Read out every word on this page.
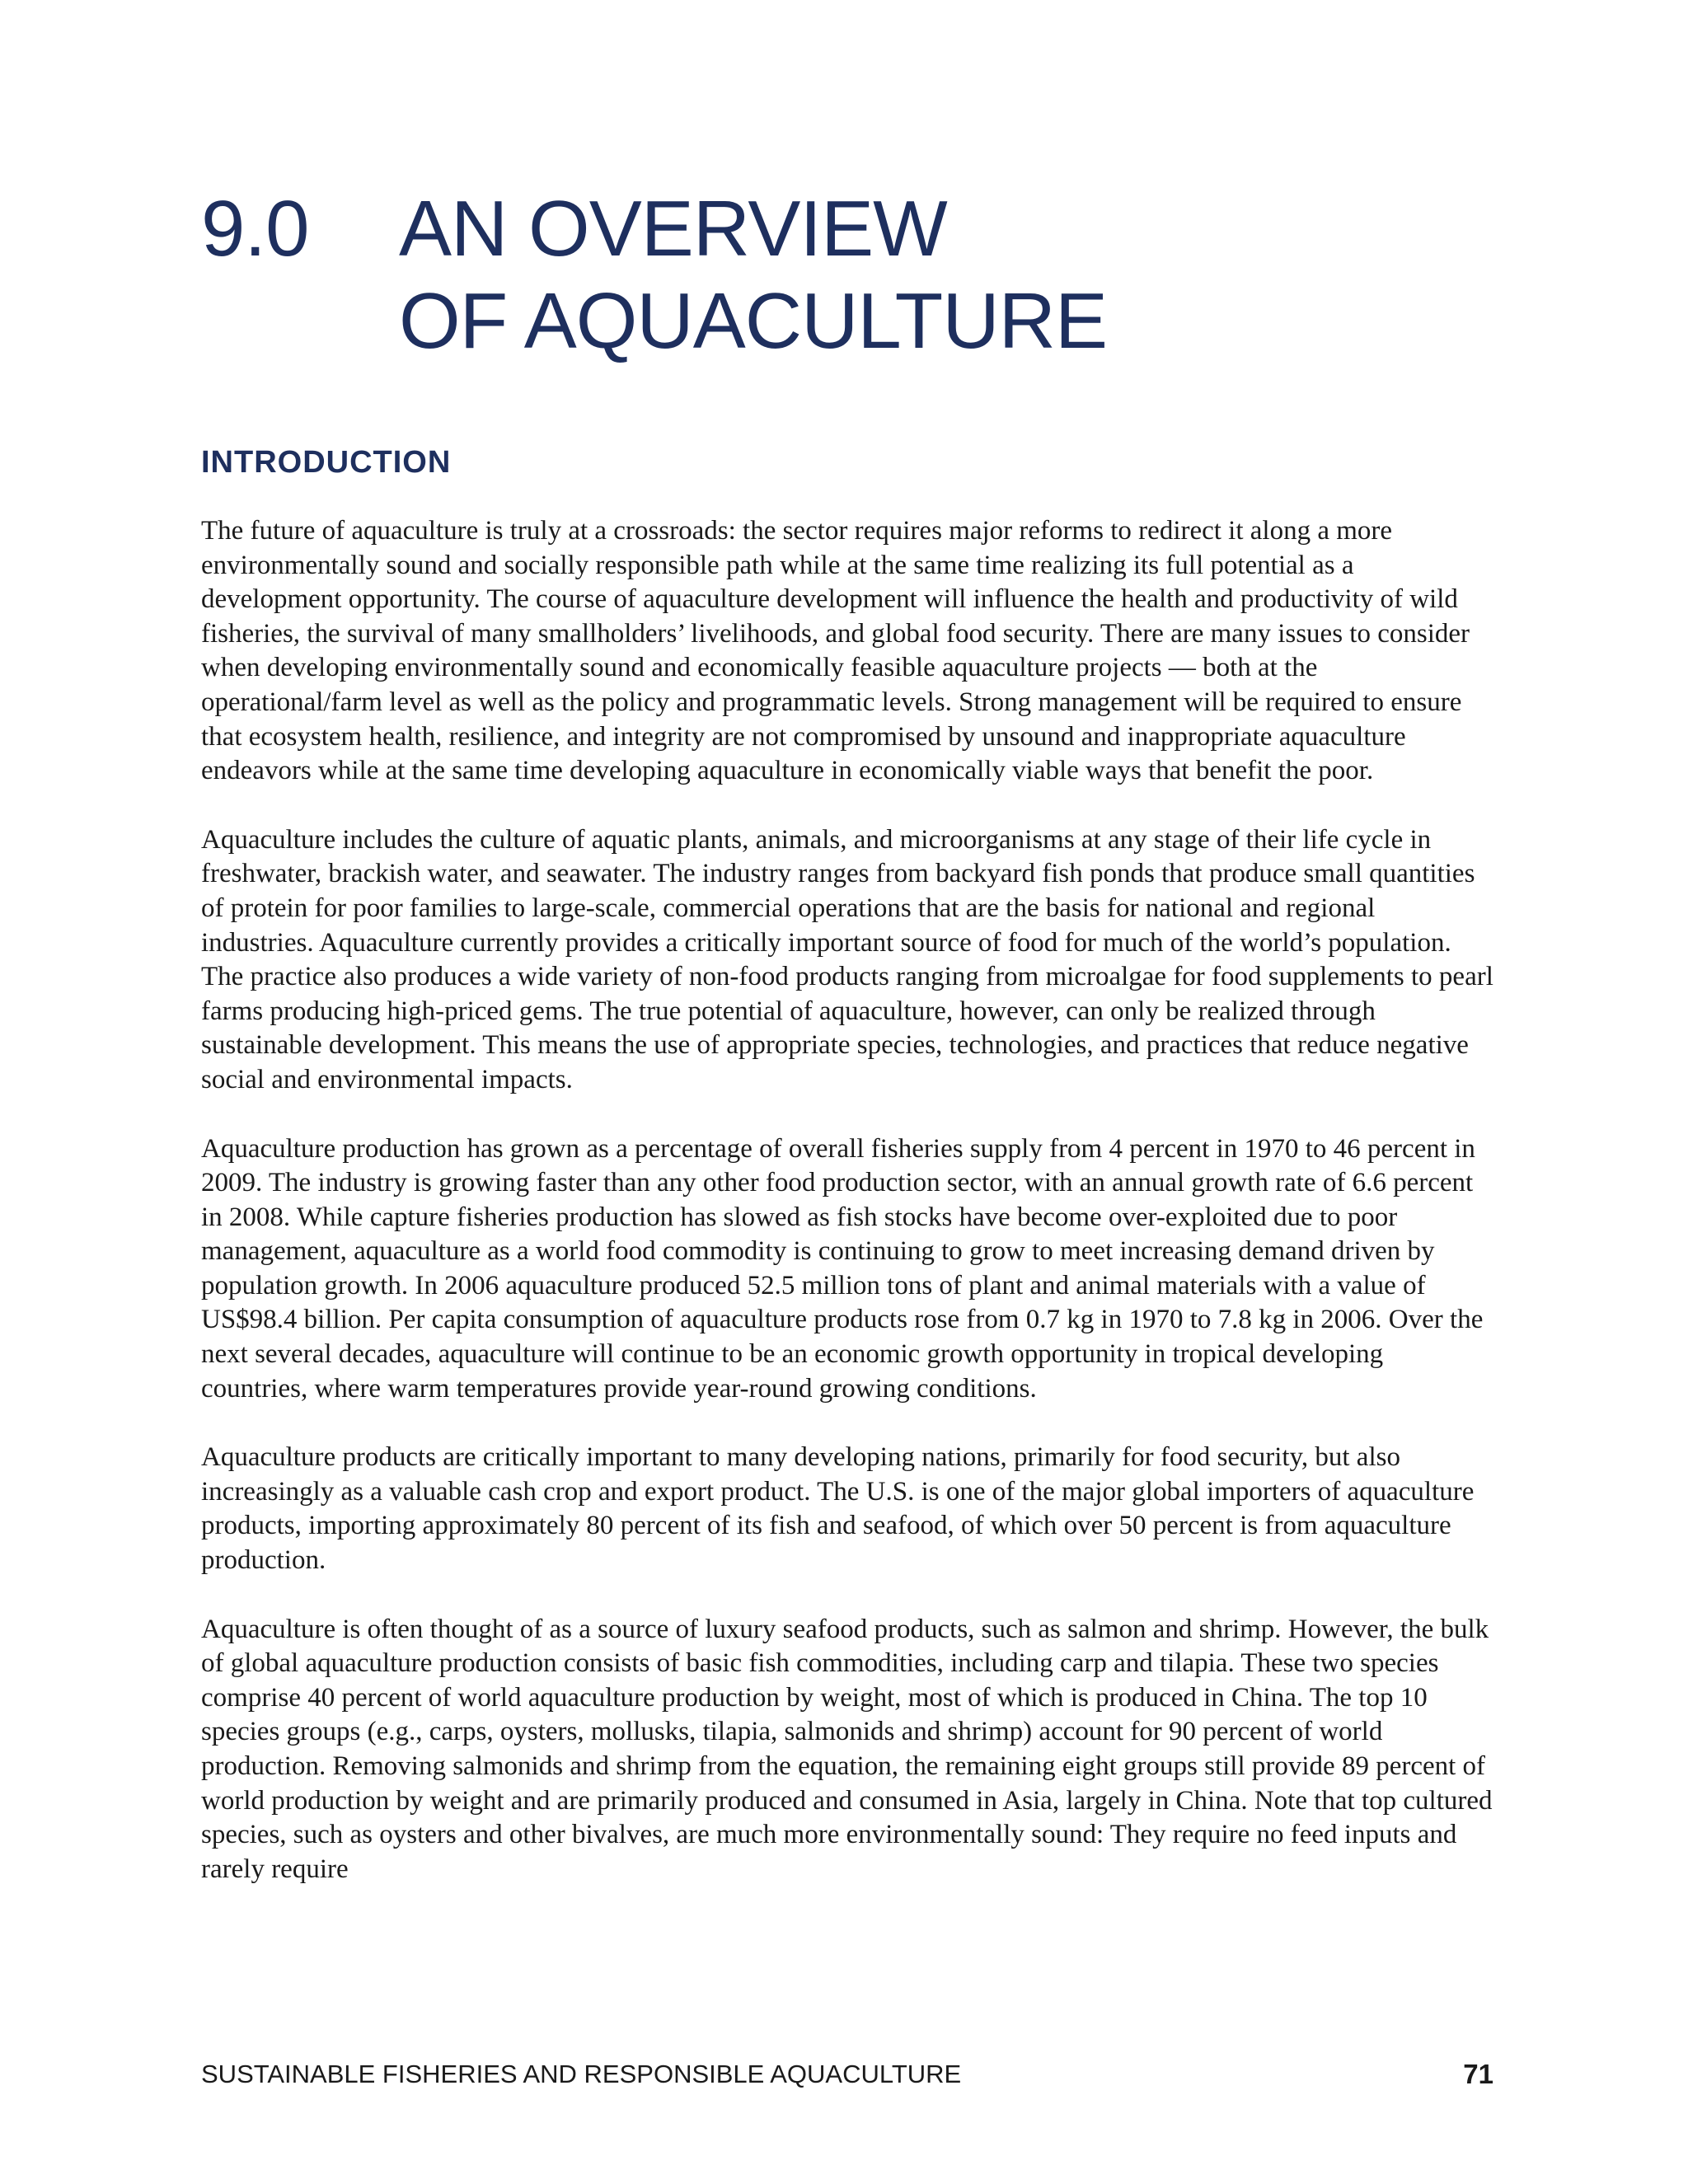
9.0 AN OVERVIEW
OF AQUACULTURE
INTRODUCTION

The future of aquaculture is truly at a crossroads: the sector requires major reforms to redirect it along a more environmentally sound and socially responsible path while at the same time realizing its full potential as a development opportunity. The course of aquaculture development will influence the health and productivity of wild fisheries, the survival of many smallholders’ livelihoods, and global food security. There are many issues to consider when developing environmentally sound and economically feasible aquaculture projects — both at the operational/farm level as well as the policy and programmatic levels. Strong management will be required to ensure that ecosystem health, resilience, and integrity are not compromised by unsound and inappropriate aquaculture endeavors while at the same time developing aquaculture in economically viable ways that benefit the poor.

Aquaculture includes the culture of aquatic plants, animals, and microorganisms at any stage of their life cycle in freshwater, brackish water, and seawater. The industry ranges from backyard fish ponds that produce small quantities of protein for poor families to large-scale, commercial operations that are the basis for national and regional industries. Aquaculture currently provides a critically important source of food for much of the world’s population. The practice also produces a wide variety of non-food products ranging from microalgae for food supplements to pearl farms producing high-priced gems. The true potential of aquaculture, however, can only be realized through sustainable development. This means the use of appropriate species, technologies, and practices that reduce negative social and environmental impacts.

Aquaculture production has grown as a percentage of overall fisheries supply from 4 percent in 1970 to 46 percent in 2009. The industry is growing faster than any other food production sector, with an annual growth rate of 6.6 percent in 2008. While capture fisheries production has slowed as fish stocks have become over-exploited due to poor management, aquaculture as a world food commodity is continuing to grow to meet increasing demand driven by population growth. In 2006 aquaculture produced 52.5 million tons of plant and animal materials with a value of US$98.4 billion. Per capita consumption of aquaculture products rose from 0.7 kg in 1970 to 7.8 kg in 2006. Over the next several decades, aquaculture will continue to be an economic growth opportunity in tropical developing countries, where warm temperatures provide year-round growing conditions.

Aquaculture products are critically important to many developing nations, primarily for food security, but also increasingly as a valuable cash crop and export product. The U.S. is one of the major global importers of aquaculture products, importing approximately 80 percent of its fish and seafood, of which over 50 percent is from aquaculture production.

Aquaculture is often thought of as a source of luxury seafood products, such as salmon and shrimp. However, the bulk of global aquaculture production consists of basic fish commodities, including carp and tilapia. These two species comprise 40 percent of world aquaculture production by weight, most of which is produced in China. The top 10 species groups (e.g., carps, oysters, mollusks, tilapia, salmonids and shrimp) account for 90 percent of world production. Removing salmonids and shrimp from the equation, the remaining eight groups still provide 89 percent of world production by weight and are primarily produced and consumed in Asia, largely in China. Note that top cultured species, such as oysters and other bivalves, are much more environmentally sound: They require no feed inputs and rarely require

SUSTAINABLE FISHERIES AND RESPONSIBLE AQUACULTURE	71
